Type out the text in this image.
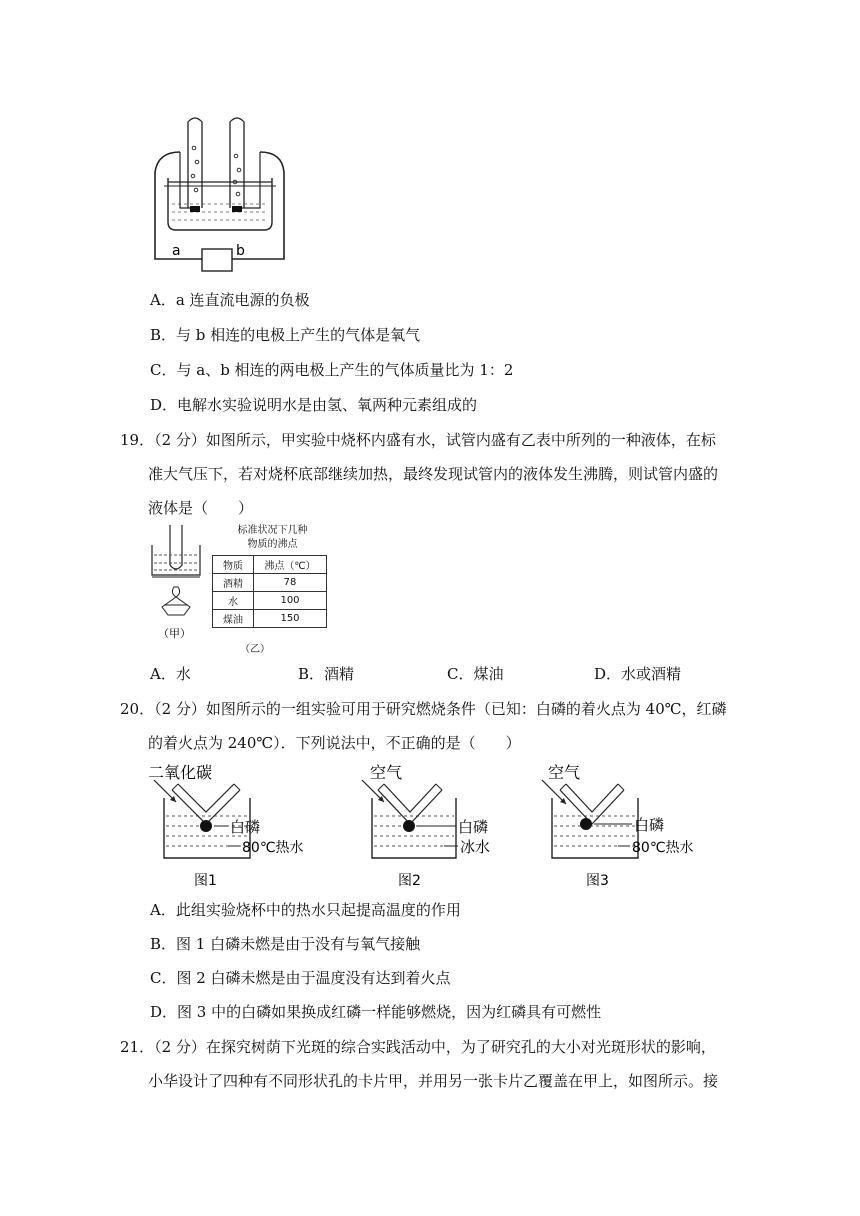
a	b
A．a 连直流电源的负极
B．与 b 相连的电极上产生的气体是氧气
C．与 a、b 相连的两电极上产生的气体质量比为 1：2
D．电解水实验说明水是由氢、氧两种元素组成的
19．（2 分）如图所示，甲实验中烧杯内盛有水，试管内盛有乙表中所列的一种液体，在标
准大气压下，若对烧杯底部继续加热，最终发现试管内的液体发生沸腾，则试管内盛的
液体是（　　）
（甲）
标准状况下几种
物质的沸点
物质	沸点（℃）
酒精	78
水	100
煤油	150
（乙）
A．水	B．酒精	C．煤油	D．水或酒精
20．（2 分）如图所示的一组实验可用于研究燃烧条件（已知：白磷的着火点为 40℃，红磷
的着火点为 240℃）．下列说法中，不正确的是（　　）
二氧化碳
白磷
80℃热水
图1
空气
白磷
冰水
图2
空气
白磷
80℃热水
图3
A．此组实验烧杯中的热水只起提高温度的作用
B．图 1 白磷未燃是由于没有与氧气接触
C．图 2 白磷未燃是由于温度没有达到着火点
D．图 3 中的白磷如果换成红磷一样能够燃烧，因为红磷具有可燃性
21．（2 分）在探究树荫下光斑的综合实践活动中，为了研究孔的大小对光斑形状的影响，
小华设计了四种有不同形状孔的卡片甲，并用另一张卡片乙覆盖在甲上，如图所示。接
